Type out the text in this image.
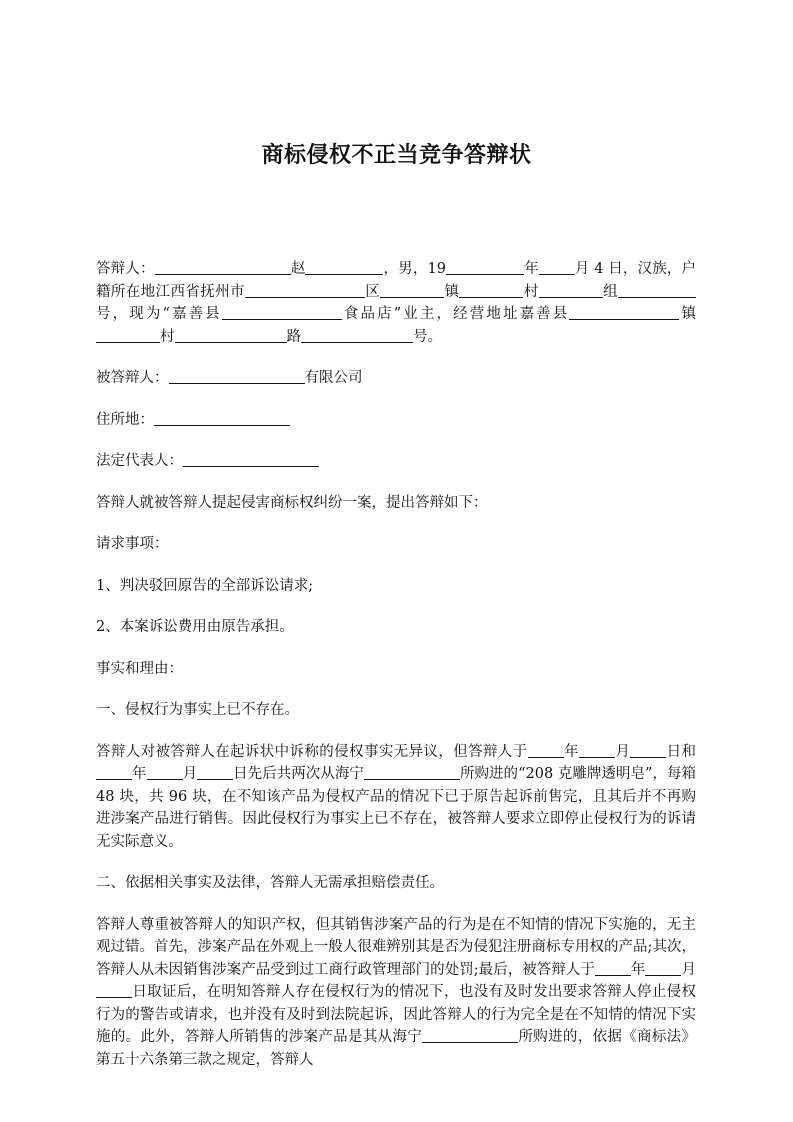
商标侵权不正当竞争答辩状

答辩人：	赵	，男，19	年 月 4 日，汉族，户籍所在地江西省抚州市	区	镇	村	组号，现为“嘉善县	食品店”业主，经营地址嘉善县	镇村	路	号。

被答辩人：	有限公司

住所地：

法定代表人：

答辩人就被答辩人提起侵害商标权纠纷一案，提出答辩如下：

请求事项：

1、判决驳回原告的全部诉讼请求;

2、本案诉讼费用由原告承担。

事实和理由：

一、侵权行为事实上已不存在。

答辩人对被答辩人在起诉状中诉称的侵权事实无异议，但答辩人于 年 月 日和年 月 日先后共两次从海宁	所购进的“208 克雕牌透明皂”，每箱 48 块，共 96 块，在不知该产品为侵权产品的情况下已于原告起诉前售完，且其后并不再购进涉案产品进行销售。因此侵权行为事实上已不存在，被答辩人要求立即停止侵权行为的诉请无实际意义。

二、依据相关事实及法律，答辩人无需承担赔偿责任。

答辩人尊重被答辩人的知识产权，但其销售涉案产品的行为是在不知情的情况下实施的，无主观过错。首先，涉案产品在外观上一般人很难辨别其是否为侵犯注册商标专用权的产品;其次，答辩人从未因销售涉案产品受到过工商行政管理部门的处罚;最后，被答辩人于 年 月日取证后，在明知答辩人存在侵权行为的情况下，也没有及时发出要求答辩人停止侵权行为的警告或请求，也并没有及时到法院起诉，因此答辩人的行为完全是在不知情的情况下实施的。此外，答辩人所销售的涉案产品是其从海宁	所购进的，依据《商标法》第五十六条第三款之规定，答辩人
